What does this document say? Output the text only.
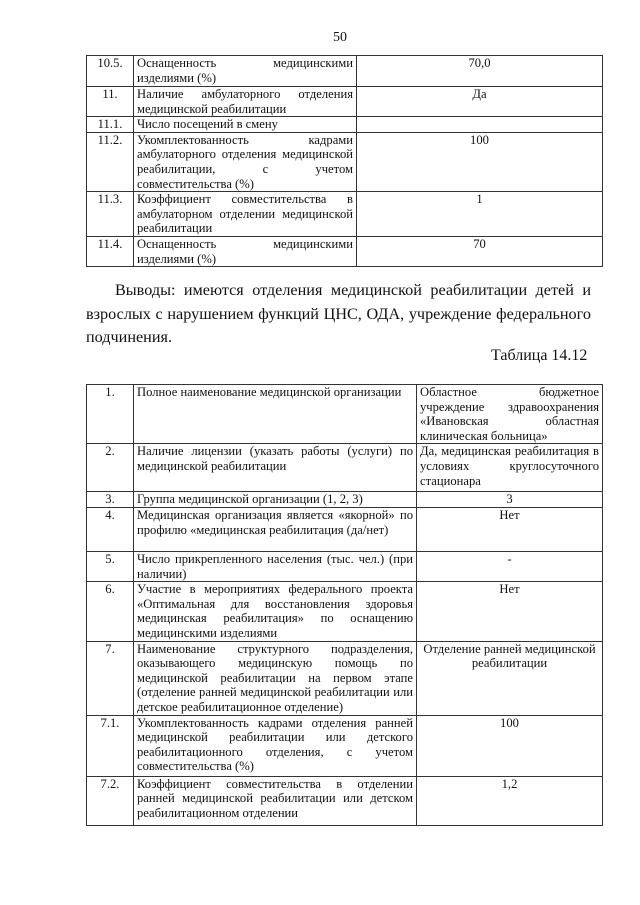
50
10.5.	Оснащенность медицинскими изделиями (%)	70,0
11.	Наличие амбулаторного отделения медицинской реабилитации	Да
11.1.	Число посещений в смену	
11.2.	Укомплектованность кадрами амбулаторного отделения медицинской реабилитации, с учетом совместительства (%)	100
11.3.	Коэффициент совместительства в амбулаторном отделении медицинской реабилитации	1
11.4.	Оснащенность медицинскими изделиями (%)	70
Выводы: имеются отделения медицинской реабилитации детей и взрослых с нарушением функций ЦНС, ОДА, учреждение федерального подчинения.
Таблица 14.12
1.	Полное наименование медицинской организации	Областное бюджетное учреждение здравоохранения «Ивановская областная клиническая больница»
2.	Наличие лицензии (указать работы (услуги) по медицинской реабилитации	Да, медицинская реабилитация в условиях круглосуточного стационара
3.	Группа медицинской организации (1, 2, 3)	3
4.	Медицинская организация является «якорной» по профилю «медицинская реабилитация (да/нет)	Нет
5.	Число прикрепленного населения (тыс. чел.) (при наличии)	-
6.	Участие в мероприятиях федерального проекта «Оптимальная для восстановления здоровья медицинская реабилитация» по оснащению медицинскими изделиями	Нет
7.	Наименование структурного подразделения, оказывающего медицинскую помощь по медицинской реабилитации на первом этапе (отделение ранней медицинской реабилитации или детское реабилитационное отделение)	Отделение ранней медицинской реабилитации
7.1.	Укомплектованность кадрами отделения ранней медицинской реабилитации или детского реабилитационного отделения, с учетом совместительства (%)	100
7.2.	Коэффициент совместительства в отделении ранней медицинской реабилитации или детском реабилитационном отделении	1,2
